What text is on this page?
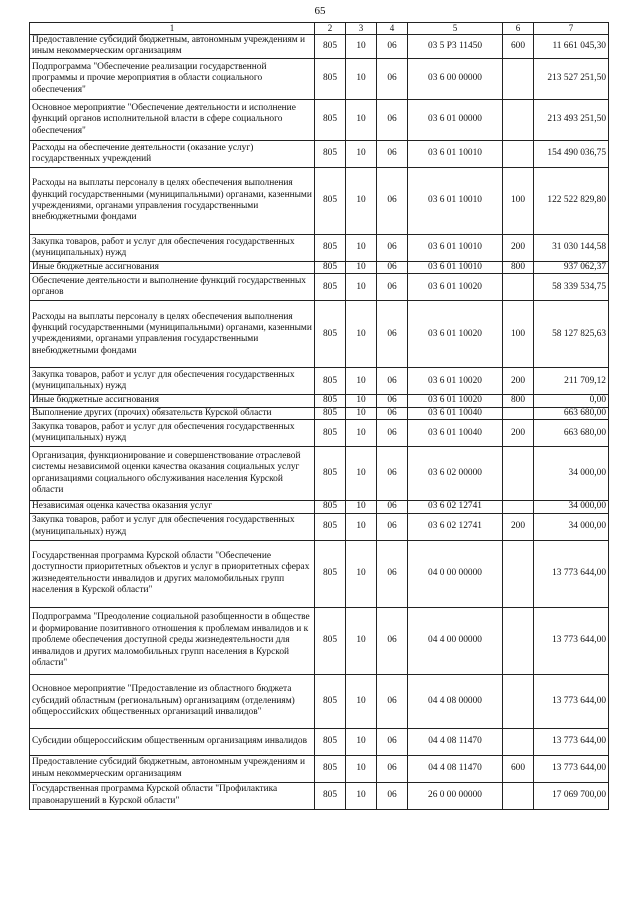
65
1	2	3	4	5	6	7
Предоставление субсидий бюджетным, автономным учреждениям и иным некоммерческим организациям	805	10	06	03 5 Р3 11450	600	11 661 045,30
Подпрограмма "Обеспечение реализации государственной программы и прочие мероприятия в области социального обеспечения"	805	10	06	03 6 00 00000		213 527 251,50
Основное мероприятие "Обеспечение деятельности и исполнение функций органов исполнительной власти в сфере социального обеспечения"	805	10	06	03 6 01 00000		213 493 251,50
Расходы на обеспечение деятельности (оказание услуг) государственных учреждений	805	10	06	03 6 01 10010		154 490 036,75
Расходы на выплаты персоналу в целях обеспечения выполнения функций государственными (муниципальными) органами, казенными учреждениями, органами управления государственными внебюджетными фондами	805	10	06	03 6 01 10010	100	122 522 829,80
Закупка товаров, работ и услуг для обеспечения государственных (муниципальных) нужд	805	10	06	03 6 01 10010	200	31 030 144,58
Иные бюджетные ассигнования	805	10	06	03 6 01 10010	800	937 062,37
Обеспечение деятельности и выполнение функций государственных органов	805	10	06	03 6 01 10020		58 339 534,75
Расходы на выплаты персоналу в целях обеспечения выполнения функций государственными (муниципальными) органами, казенными учреждениями, органами управления государственными внебюджетными фондами	805	10	06	03 6 01 10020	100	58 127 825,63
Закупка товаров, работ и услуг для обеспечения государственных (муниципальных) нужд	805	10	06	03 6 01 10020	200	211 709,12
Иные бюджетные ассигнования	805	10	06	03 6 01 10020	800	0,00
Выполнение других (прочих) обязательств Курской области	805	10	06	03 6 01 10040		663 680,00
Закупка товаров, работ и услуг для обеспечения государственных (муниципальных) нужд	805	10	06	03 6 01 10040	200	663 680,00
Организация, функционирование и совершенствование отраслевой системы независимой оценки качества оказания социальных услуг организациями социального обслуживания населения Курской области	805	10	06	03 6 02 00000		34 000,00
Независимая оценка качества оказания услуг	805	10	06	03 6 02 12741		34 000,00
Закупка товаров, работ и услуг для обеспечения государственных (муниципальных) нужд	805	10	06	03 6 02 12741	200	34 000,00
Государственная программа Курской области "Обеспечение доступности приоритетных объектов и услуг в приоритетных сферах жизнедеятельности инвалидов и других маломобильных групп населения в Курской области"	805	10	06	04 0 00 00000		13 773 644,00
Подпрограмма "Преодоление социальной разобщенности в обществе и формирование позитивного отношения к проблемам инвалидов и к проблеме обеспечения доступной среды жизнедеятельности для инвалидов и других маломобильных групп населения в Курской области"	805	10	06	04 4 00 00000		13 773 644,00
Основное мероприятие "Предоставление из областного бюджета субсидий областным (региональным) организациям (отделениям) общероссийских общественных организаций инвалидов"	805	10	06	04 4 08 00000		13 773 644,00
Субсидии общероссийским общественным организациям инвалидов	805	10	06	04 4 08 11470		13 773 644,00
Предоставление субсидий бюджетным, автономным учреждениям и иным некоммерческим организациям	805	10	06	04 4 08 11470	600	13 773 644,00
Государственная программа Курской области "Профилактика правонарушений в Курской области"	805	10	06	26 0 00 00000		17 069 700,00
